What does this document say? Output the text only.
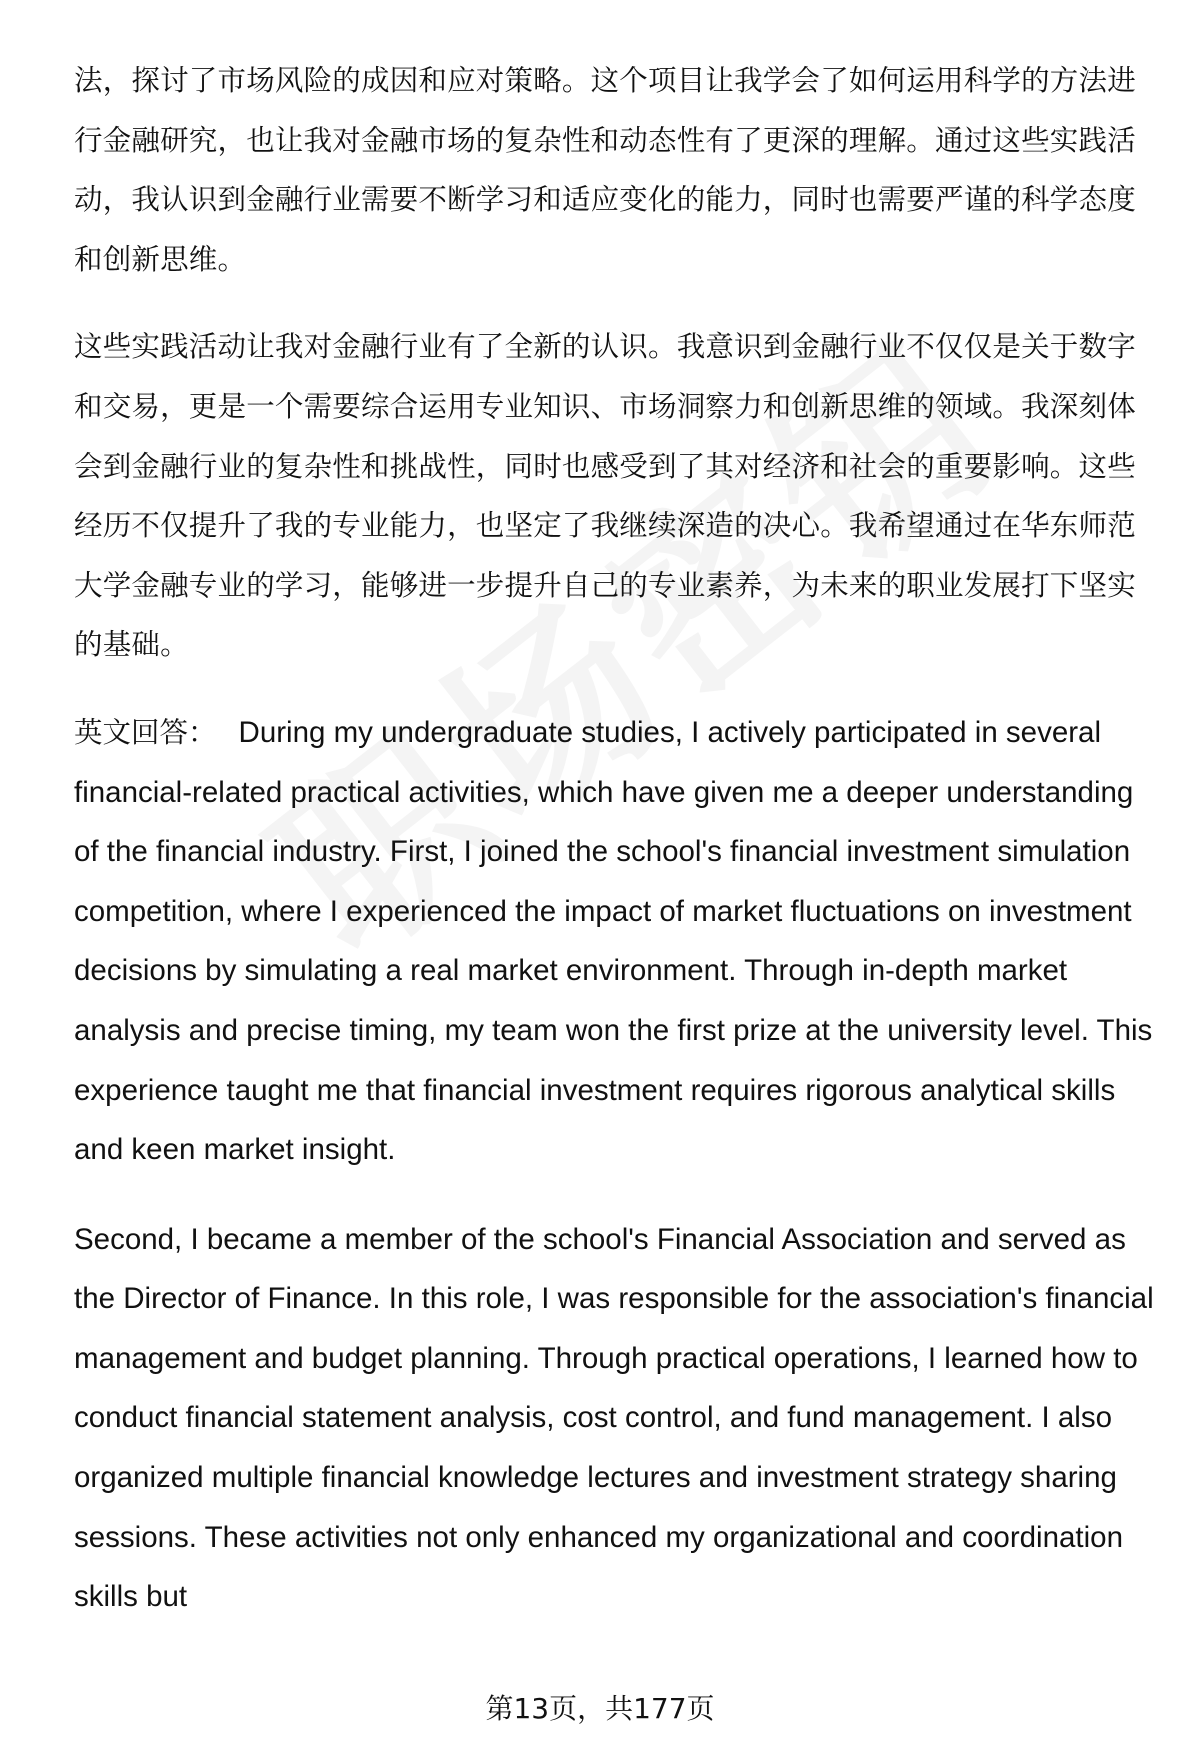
法，探讨了市场风险的成因和应对策略。这个项目让我学会了如何运用科学的方法进行金融研究，也让我对金融市场的复杂性和动态性有了更深的理解。通过这些实践活动，我认识到金融行业需要不断学习和适应变化的能力，同时也需要严谨的科学态度和创新思维。

这些实践活动让我对金融行业有了全新的认识。我意识到金融行业不仅仅是关于数字和交易，更是一个需要综合运用专业知识、市场洞察力和创新思维的领域。我深刻体会到金融行业的复杂性和挑战性，同时也感受到了其对经济和社会的重要影响。这些经历不仅提升了我的专业能力，也坚定了我继续深造的决心。我希望通过在华东师范大学金融专业的学习，能够进一步提升自己的专业素养，为未来的职业发展打下坚实的基础。

英文回答： During my undergraduate studies, I actively participated in several financial-related practical activities, which have given me a deeper understanding of the financial industry. First, I joined the school's financial investment simulation competition, where I experienced the impact of market fluctuations on investment decisions by simulating a real market environment. Through in-depth market analysis and precise timing, my team won the first prize at the university level. This experience taught me that financial investment requires rigorous analytical skills and keen market insight.

Second, I became a member of the school's Financial Association and served as the Director of Finance. In this role, I was responsible for the association's financial management and budget planning. Through practical operations, I learned how to conduct financial statement analysis, cost control, and fund management. I also organized multiple financial knowledge lectures and investment strategy sharing sessions. These activities not only enhanced my organizational and coordination skills but

第13页，共177页
